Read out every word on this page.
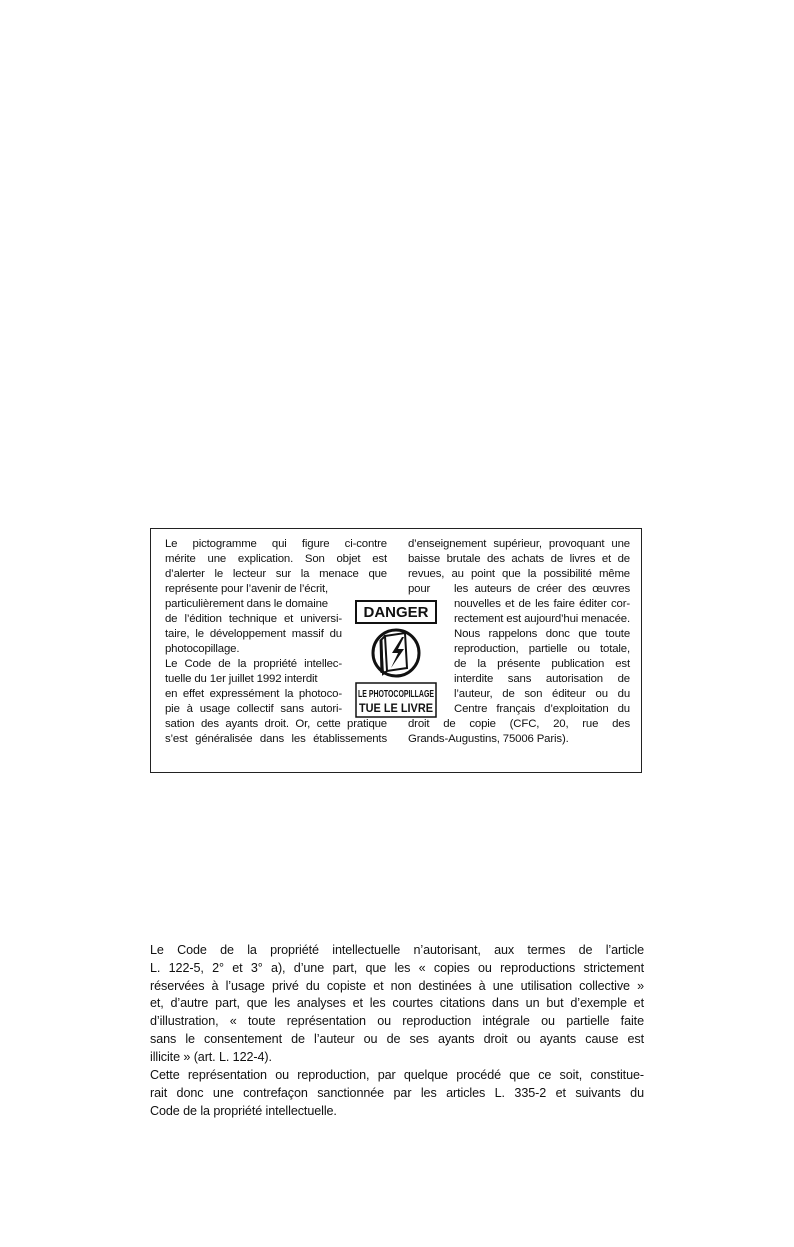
Le pictogramme qui figure ci-contre
mérite une explication. Son objet est
d’alerter le lecteur sur la menace que
représente pour l’avenir de l’écrit,
particulièrement dans le domaine
de l’édition technique et universi-
taire, le développement massif du
photocopillage.
Le Code de la propriété intellec-
tuelle du 1er juillet 1992 interdit
en effet expressément la photoco-
pie à usage collectif sans autori-
sation des ayants droit. Or, cette pratique
s’est généralisée dans les établissements
d’enseignement supérieur, provoquant une
baisse brutale des achats de livres et de
revues, au point que la possibilité même pour	les auteurs de créer des œuvres
nouvelles et de les faire éditer cor-
rectement est aujourd’hui menacée.
Nous rappelons donc que toute
reproduction, partielle ou totale,
de la présente publication est
interdite sans autorisation de
l’auteur, de son éditeur ou du
Centre français d’exploitation du
droit de copie (CFC, 20, rue des
Grands-Augustins, 75006 Paris).
DANGER
LE PHOTOCOPILLAGE
TUE LE LIVRE
Le Code de la propriété intellectuelle n’autorisant, aux termes de l’article
L. 122-5, 2° et 3° a), d’une part, que les « copies ou reproductions strictement
réservées à l’usage privé du copiste et non destinées à une utilisation collective »
et, d’autre part, que les analyses et les courtes citations dans un but d’exemple et
d’illustration, « toute représentation ou reproduction intégrale ou partielle faite
sans le consentement de l’auteur ou de ses ayants droit ou ayants cause est
illicite » (art. L. 122-4).
Cette représentation ou reproduction, par quelque procédé que ce soit, constitue-
rait donc une contrefaçon sanctionnée par les articles L. 335-2 et suivants du
Code de la propriété intellectuelle.
